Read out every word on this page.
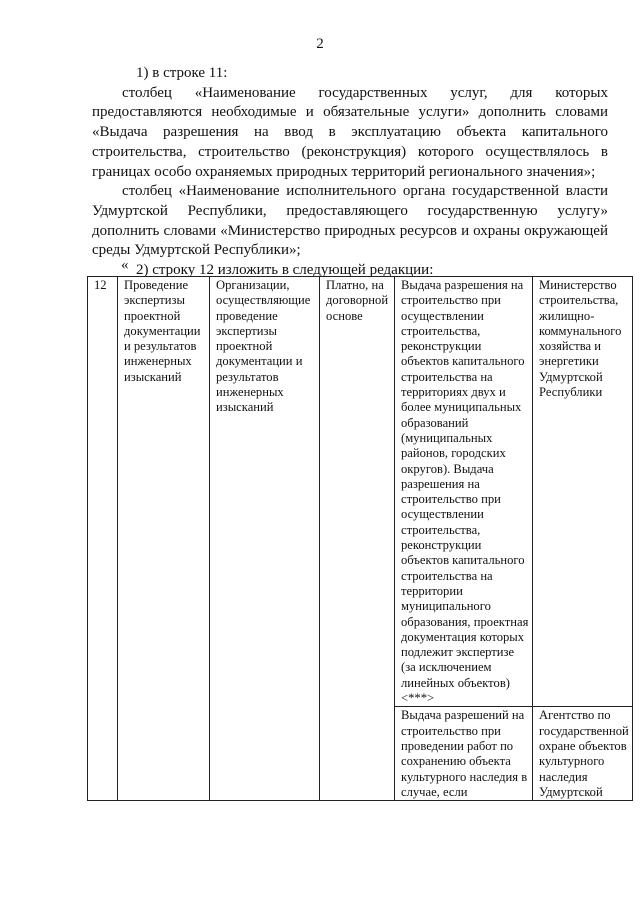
2

1) в строке 11:

столбец «Наименование государственных услуг, для которых предоставляются необходимые и обязательные услуги» дополнить словами «Выдача разрешения на ввод в эксплуатацию объекта капитального строительства, строительство (реконструкция) которого осуществлялось в границах особо охраняемых природных территорий регионального значения»;

столбец «Наименование исполнительного органа государственной власти Удмуртской Республики, предоставляющего государственную услугу» дополнить словами «Министерство природных ресурсов и охраны окружающей среды Удмуртской Республики»;

2) строку 12 изложить в следующей редакции:

«
12	Проведение экспертизы проектной документации и результатов инженерных изысканий	Организации, осуществляющие проведение экспертизы проектной документации и результатов инженерных изысканий	Платно, на договорной основе	Выдача разрешения на строительство при осуществлении строительства, реконструкции объектов капитального строительства на территориях двух и более муниципальных образований (муниципальных районов, городских округов). Выдача разрешения на строительство при осуществлении строительства, реконструкции объектов капитального строительства на территории муниципального образования, проектная документация которых подлежит экспертизе (за исключением линейных объектов) <***>	Министерство строительства, жилищно-коммунального хозяйства и энергетики Удмуртской Республики
				Выдача разрешений на строительство при проведении работ по сохранению объекта культурного наследия в случае, если	Агентство по государственной охране объектов культурного наследия Удмуртской
